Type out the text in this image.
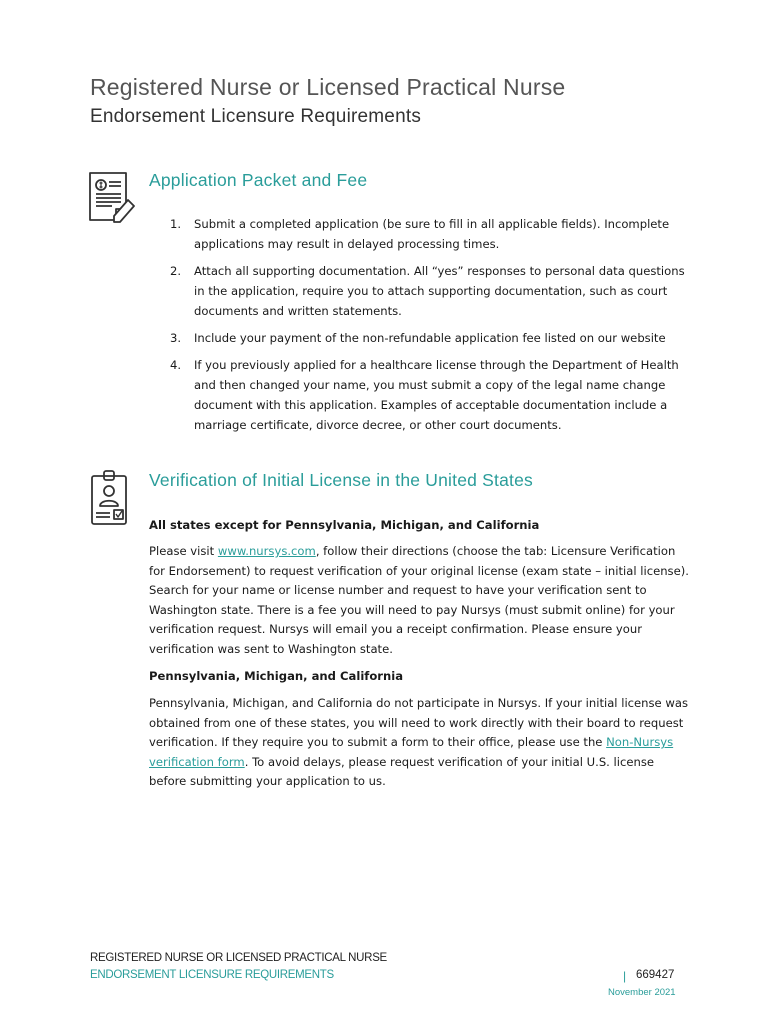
Registered Nurse or Licensed Practical Nurse
Endorsement Licensure Requirements
Application Packet and Fee
1. Submit a completed application (be sure to fill in all applicable fields). Incomplete applications may result in delayed processing times.
2. Attach all supporting documentation. All “yes” responses to personal data questions in the application, require you to attach supporting documentation, such as court documents and written statements.
3. Include your payment of the non-refundable application fee listed on our website
4. If you previously applied for a healthcare license through the Department of Health and then changed your name, you must submit a copy of the legal name change document with this application. Examples of acceptable documentation include a marriage certificate, divorce decree, or other court documents.
Verification of Initial License in the United States

All states except for Pennsylvania, Michigan, and California

Please visit www.nursys.com, follow their directions (choose the tab: Licensure Verification for Endorsement) to request verification of your original license (exam state – initial license). Search for your name or license number and request to have your verification sent to Washington state. There is a fee you will need to pay Nursys (must submit online) for your verification request. Nursys will email you a receipt confirmation. Please ensure your verification was sent to Washington state.

Pennsylvania, Michigan, and California

Pennsylvania, Michigan, and California do not participate in Nursys. If your initial license was obtained from one of these states, you will need to work directly with their board to request verification. If they require you to submit a form to their office, please use the Non-Nursys verification form. To avoid delays, please request verification of your initial U.S. license before submitting your application to us.

REGISTERED NURSE OR LICENSED PRACTICAL NURSE
ENDORSEMENT LICENSURE REQUIREMENTS	| 669427
November 2021
